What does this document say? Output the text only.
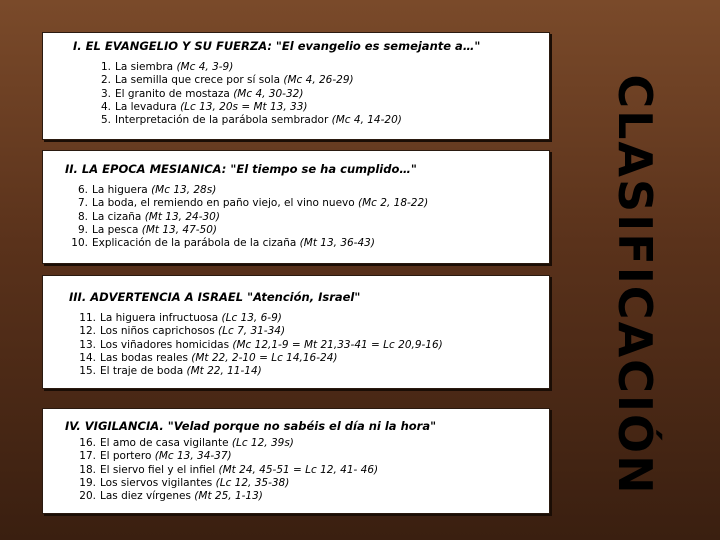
I. EL EVANGELIO Y SU FUERZA: "El evangelio es semejante a…"
1. La siembra (Mc 4, 3-9)
2. La semilla que crece por sí sola (Mc 4, 26-29)
3. El granito de mostaza (Mc 4, 30-32)
4. La levadura (Lc 13, 20s = Mt 13, 33)
5. Interpretación de la parábola sembrador (Mc 4, 14-20)
II. LA EPOCA MESIANICA: "El tiempo se ha cumplido…"
6. La higuera (Mc 13, 28s)
7. La boda, el remiendo en paño viejo, el vino nuevo (Mc 2, 18-22)
8. La cizaña (Mt 13, 24-30)
9. La pesca (Mt 13, 47-50)
10. Explicación de la parábola de la cizaña (Mt 13, 36-43)
III. ADVERTENCIA A ISRAEL "Atención, Israel"
11. La higuera infructuosa (Lc 13, 6-9)
12. Los niños caprichosos (Lc 7, 31-34)
13. Los viñadores homicidas (Mc 12,1-9 = Mt 21,33-41 = Lc 20,9-16)
14. Las bodas reales (Mt 22, 2-10 = Lc 14,16-24)
15. El traje de boda (Mt 22, 11-14)
IV. VIGILANCIA. "Velad porque no sabéis el día ni la hora"
16. El amo de casa vigilante (Lc 12, 39s)
17. El portero (Mc 13, 34-37)
18. El siervo fiel y el infiel (Mt 24, 45-51 = Lc 12, 41- 46)
19. Los siervos vigilantes (Lc 12, 35-38)
20. Las diez vírgenes (Mt 25, 1-13)
CLASIFICACIÓN
